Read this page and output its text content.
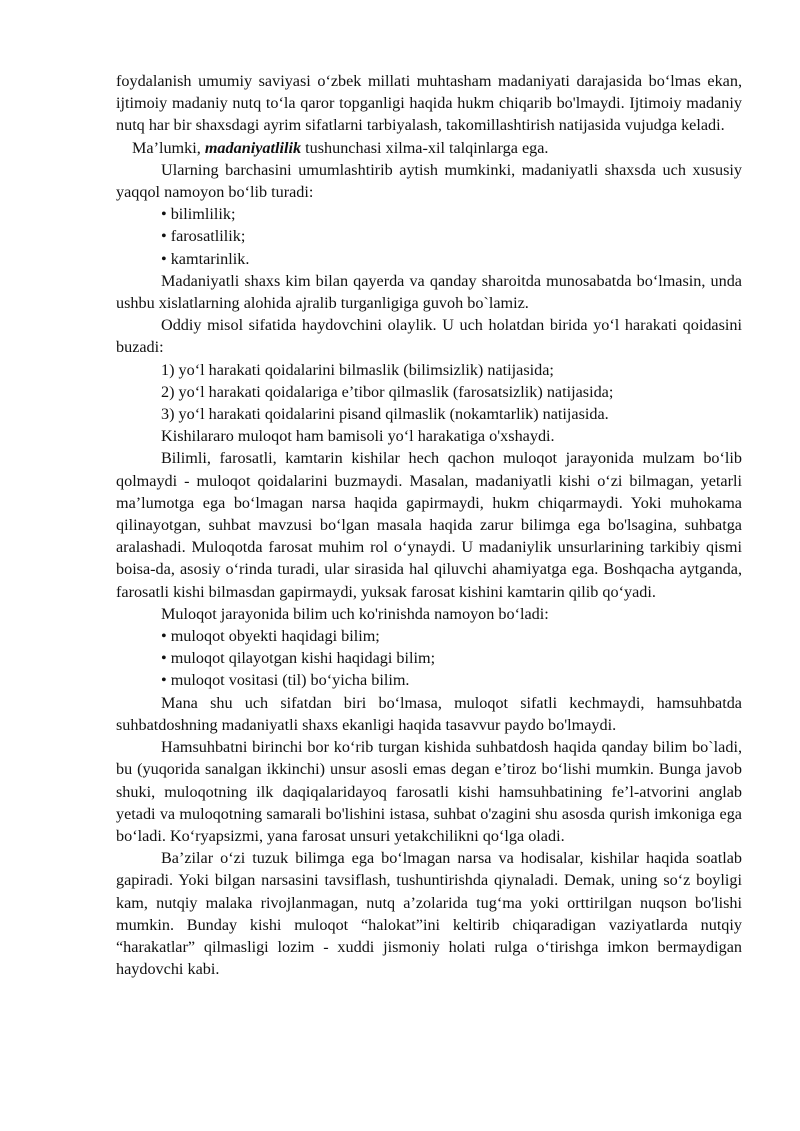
foydalanish umumiy saviyasi o‘zbek millati muhtasham madaniyati darajasida bo‘lmas ekan, ijtimoiy madaniy nutq to‘la qaror topganligi haqida hukm chiqarib bo'lmaydi. Ijtimoiy madaniy nutq har bir shaxsdagi ayrim sifatlarni tarbiyalash, takomillashtirish natijasida vujudga keladi.

Ma’lumki, madaniyatlilik tushunchasi xilma-xil talqinlarga ega.

Ularning barchasini umumlashtirib aytish mumkinki, madaniyatli shaxsda uch xususiy yaqqol namoyon bo‘lib turadi:

• bilimlilik;

• farosatlilik;

• kamtarinlik.

Madaniyatli shaxs kim bilan qayerda va qanday sharoitda munosabatda bo‘lmasin, unda ushbu xislatlarning alohida ajralib turganligiga guvoh bo`lamiz.

Oddiy misol sifatida haydovchini olaylik. U uch holatdan birida yo‘l harakati qoidasini buzadi:

1) yo‘l harakati qoidalarini bilmaslik (bilimsizlik) natijasida;

2) yo‘l harakati qoidalariga e’tibor qilmaslik (farosatsizlik) natijasida;

3) yo‘l harakati qoidalarini pisand qilmaslik (nokamtarlik) natijasida.

Kishilararo muloqot ham bamisoli yo‘l harakatiga o'xshaydi.

Bilimli, farosatli, kamtarin kishilar hech qachon muloqot jarayonida mulzam bo‘lib qolmaydi - muloqot qoidalarini buzmaydi. Masalan, madaniyatli kishi o‘zi bilmagan, yetarli ma’lumotga ega bo‘lmagan narsa haqida gapirmaydi, hukm chiqarmaydi. Yoki muhokama qilinayotgan, suhbat mavzusi bo‘lgan masala haqida zarur bilimga ega bo'lsagina, suhbatga aralashadi. Muloqotda farosat muhim rol o‘ynaydi. U madaniylik unsurlarining tarkibiy qismi boisa-da, asosiy o‘rinda turadi, ular sirasida hal qiluvchi ahamiyatga ega. Boshqacha aytganda, farosatli kishi bilmasdan gapirmaydi, yuksak farosat kishini kamtarin qilib qo‘yadi.

Muloqot jarayonida bilim uch ko'rinishda namoyon bo‘ladi:

• muloqot obyekti haqidagi bilim;

• muloqot qilayotgan kishi haqidagi bilim;

• muloqot vositasi (til) bo‘yicha bilim.

Mana shu uch sifatdan biri bo‘lmasa, muloqot sifatli kechmaydi, hamsuhbatda suhbatdoshning madaniyatli shaxs ekanligi haqida tasavvur paydo bo'lmaydi.

Hamsuhbatni birinchi bor ko‘rib turgan kishida suhbatdosh haqida qanday bilim bo`ladi, bu (yuqorida sanalgan ikkinchi) unsur asosli emas degan e’tiroz bo‘lishi mumkin. Bunga javob shuki, muloqotning ilk daqiqalaridayoq farosatli kishi hamsuhbatining fe’l-atvorini anglab yetadi va muloqotning samarali bo'lishini istasa, suhbat o'zagini shu asosda qurish imkoniga ega bo‘ladi. Ko‘ryapsizmi, yana farosat unsuri yetakchilikni qo‘lga oladi.

Ba’zilar o‘zi tuzuk bilimga ega bo‘lmagan narsa va hodisalar, kishilar haqida soatlab gapiradi. Yoki bilgan narsasini tavsiflash, tushuntirishda qiynaladi. Demak, uning so‘z boyligi kam, nutqiy malaka rivojlanmagan, nutq a’zolarida tug‘ma yoki orttirilgan nuqson bo'lishi mumkin. Bunday kishi muloqot “halokat”ini keltirib chiqaradigan vaziyatlarda nutqiy “harakatlar” qilmasligi lozim - xuddi jismoniy holati rulga o‘tirishga imkon bermaydigan haydovchi kabi.
